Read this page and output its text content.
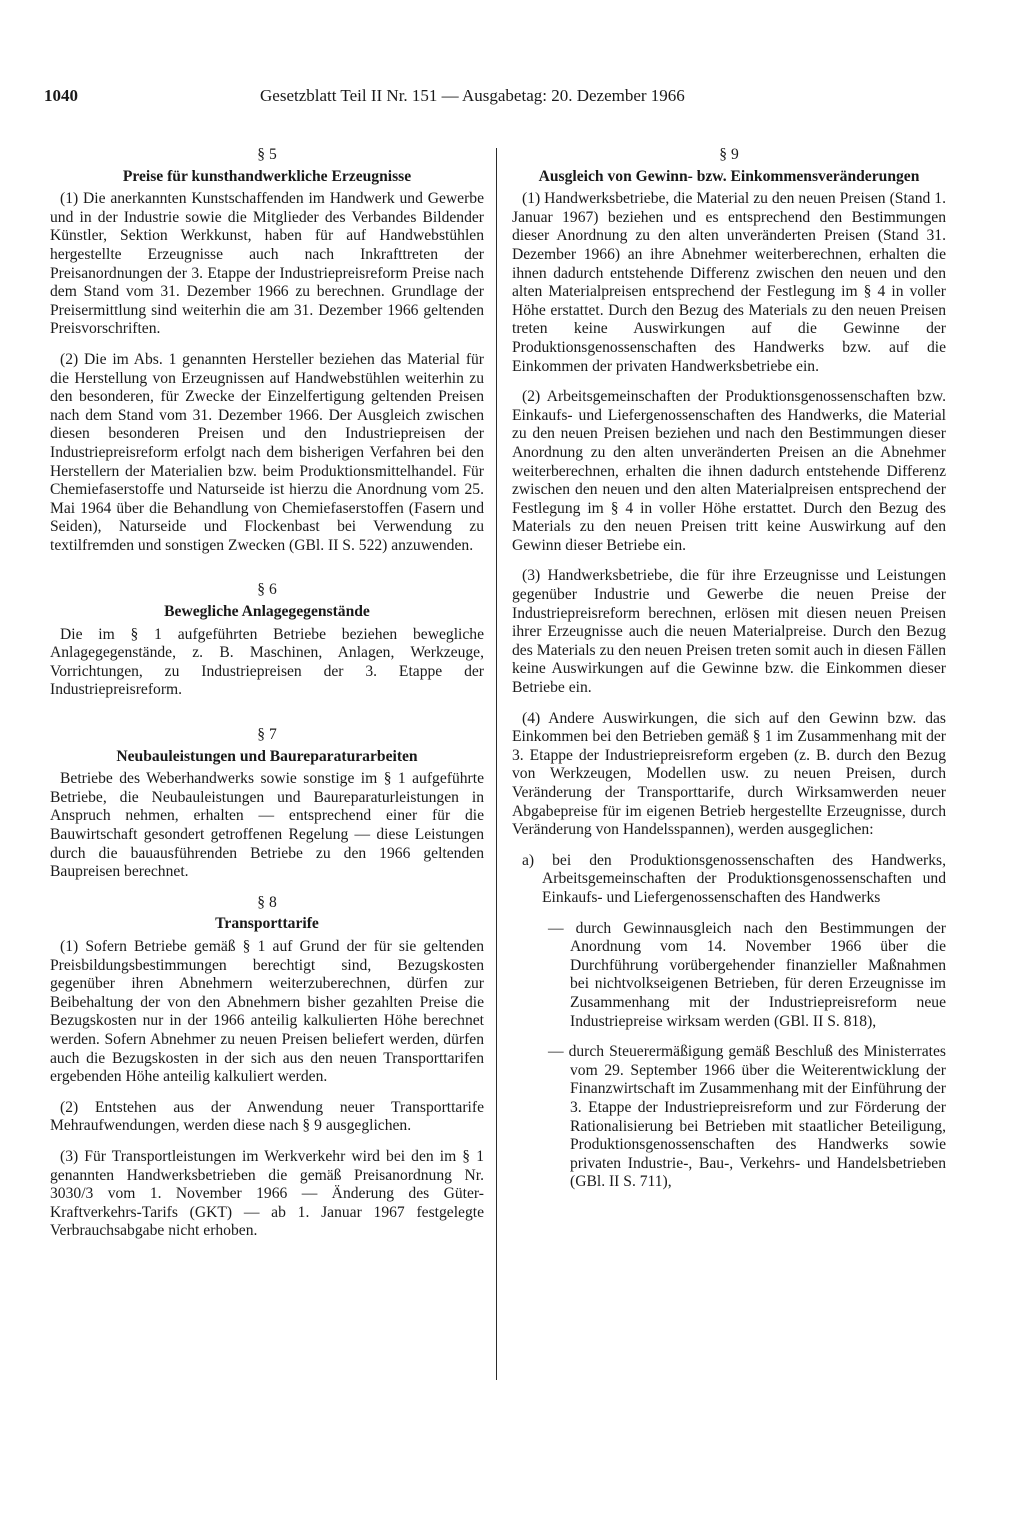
1040	Gesetzblatt Teil II Nr. 151 — Ausgabetag: 20. Dezember 1966
§ 5
Preise für kunsthandwerkliche Erzeugnisse
(1) Die anerkannten Kunstschaffenden im Handwerk und Gewerbe und in der Industrie sowie die Mitglieder des Verbandes Bildender Künstler, Sektion Werkkunst, haben für auf Handwebstühlen hergestellte Erzeugnisse auch nach Inkrafttreten der Preisanordnungen der 3. Etappe der Industriepreisreform Preise nach dem Stand vom 31. Dezember 1966 zu berechnen. Grundlage der Preisermittlung sind weiterhin die am 31. Dezember 1966 geltenden Preisvorschriften.
(2) Die im Abs. 1 genannten Hersteller beziehen das Material für die Herstellung von Erzeugnissen auf Handwebstühlen weiterhin zu den besonderen, für Zwecke der Einzelfertigung geltenden Preisen nach dem Stand vom 31. Dezember 1966. Der Ausgleich zwischen diesen besonderen Preisen und den Industriepreisen der Industriepreisreform erfolgt nach dem bisherigen Verfahren bei den Herstellern der Materialien bzw. beim Produktionsmittelhandel. Für Chemiefaserstoffe und Naturseide ist hierzu die Anordnung vom 25. Mai 1964 über die Behandlung von Chemiefaserstoffen (Fasern und Seiden), Naturseide und Flockenbast bei Verwendung zu textilfremden und sonstigen Zwecken (GBl. II S. 522) anzuwenden.
§ 6
Bewegliche Anlagegegenstände
Die im § 1 aufgeführten Betriebe beziehen bewegliche Anlagegegenstände, z. B. Maschinen, Anlagen, Werkzeuge, Vorrichtungen, zu Industriepreisen der 3. Etappe der Industriepreisreform.
§ 7
Neubauleistungen und Baureparaturarbeiten
Betriebe des Weberhandwerks sowie sonstige im § 1 aufgeführte Betriebe, die Neubauleistungen und Baureparaturleistungen in Anspruch nehmen, erhalten — entsprechend einer für die Bauwirtschaft gesondert getroffenen Regelung — diese Leistungen durch die bauausführenden Betriebe zu den 1966 geltenden Baupreisen berechnet.
§ 8
Transporttarife
(1) Sofern Betriebe gemäß § 1 auf Grund der für sie geltenden Preisbildungsbestimmungen berechtigt sind, Bezugskosten gegenüber ihren Abnehmern weiterzuberechnen, dürfen zur Beibehaltung der von den Abnehmern bisher gezahlten Preise die Bezugskosten nur in der 1966 anteilig kalkulierten Höhe berechnet werden. Sofern Abnehmer zu neuen Preisen beliefert werden, dürfen auch die Bezugskosten in der sich aus den neuen Transporttarifen ergebenden Höhe anteilig kalkuliert werden.
(2) Entstehen aus der Anwendung neuer Transporttarife Mehraufwendungen, werden diese nach § 9 ausgeglichen.
(3) Für Transportleistungen im Werkverkehr wird bei den im § 1 genannten Handwerksbetrieben die gemäß Preisanordnung Nr. 3030/3 vom 1. November 1966 — Änderung des Güter-Kraftverkehrs-Tarifs (GKT) — ab 1. Januar 1967 festgelegte Verbrauchsabgabe nicht erhoben.
§ 9
Ausgleich von Gewinn- bzw. Einkommensveränderungen
(1) Handwerksbetriebe, die Material zu den neuen Preisen (Stand 1. Januar 1967) beziehen und es entsprechend den Bestimmungen dieser Anordnung zu den alten unveränderten Preisen (Stand 31. Dezember 1966) an ihre Abnehmer weiterberechnen, erhalten die ihnen dadurch entstehende Differenz zwischen den neuen und den alten Materialpreisen entsprechend der Festlegung im § 4 in voller Höhe erstattet. Durch den Bezug des Materials zu den neuen Preisen treten keine Auswirkungen auf die Gewinne der Produktionsgenossenschaften des Handwerks bzw. auf die Einkommen der privaten Handwerksbetriebe ein.
(2) Arbeitsgemeinschaften der Produktionsgenossenschaften bzw. Einkaufs- und Liefergenossenschaften des Handwerks, die Material zu den neuen Preisen beziehen und nach den Bestimmungen dieser Anordnung zu den alten unveränderten Preisen an die Abnehmer weiterberechnen, erhalten die ihnen dadurch entstehende Differenz zwischen den neuen und den alten Materialpreisen entsprechend der Festlegung im § 4 in voller Höhe erstattet. Durch den Bezug des Materials zu den neuen Preisen tritt keine Auswirkung auf den Gewinn dieser Betriebe ein.
(3) Handwerksbetriebe, die für ihre Erzeugnisse und Leistungen gegenüber Industrie und Gewerbe die neuen Preise der Industriepreisreform berechnen, erlösen mit diesen neuen Preisen ihrer Erzeugnisse auch die neuen Materialpreise. Durch den Bezug des Materials zu den neuen Preisen treten somit auch in diesen Fällen keine Auswirkungen auf die Gewinne bzw. die Einkommen dieser Betriebe ein.
(4) Andere Auswirkungen, die sich auf den Gewinn bzw. das Einkommen bei den Betrieben gemäß § 1 im Zusammenhang mit der 3. Etappe der Industriepreisreform ergeben (z. B. durch den Bezug von Werkzeugen, Modellen usw. zu neuen Preisen, durch Veränderung der Transporttarife, durch Wirksamwerden neuer Abgabepreise für im eigenen Betrieb hergestellte Erzeugnisse, durch Veränderung von Handelsspannen), werden ausgeglichen:
a) bei den Produktionsgenossenschaften des Handwerks, Arbeitsgemeinschaften der Produktionsgenossenschaften und Einkaufs- und Liefergenossenschaften des Handwerks
— durch Gewinnausgleich nach den Bestimmungen der Anordnung vom 14. November 1966 über die Durchführung vorübergehender finanzieller Maßnahmen bei nichtvolkseigenen Betrieben, für deren Erzeugnisse im Zusammenhang mit der Industriepreisreform neue Industriepreise wirksam werden (GBl. II S. 818),
— durch Steuerermäßigung gemäß Beschluß des Ministerrates vom 29. September 1966 über die Weiterentwicklung der Finanzwirtschaft im Zusammenhang mit der Einführung der 3. Etappe der Industriepreisreform und zur Förderung der Rationalisierung bei Betrieben mit staatlicher Beteiligung, Produktionsgenossenschaften des Handwerks sowie privaten Industrie-, Bau-, Verkehrs- und Handelsbetrieben (GBl. II S. 711),
